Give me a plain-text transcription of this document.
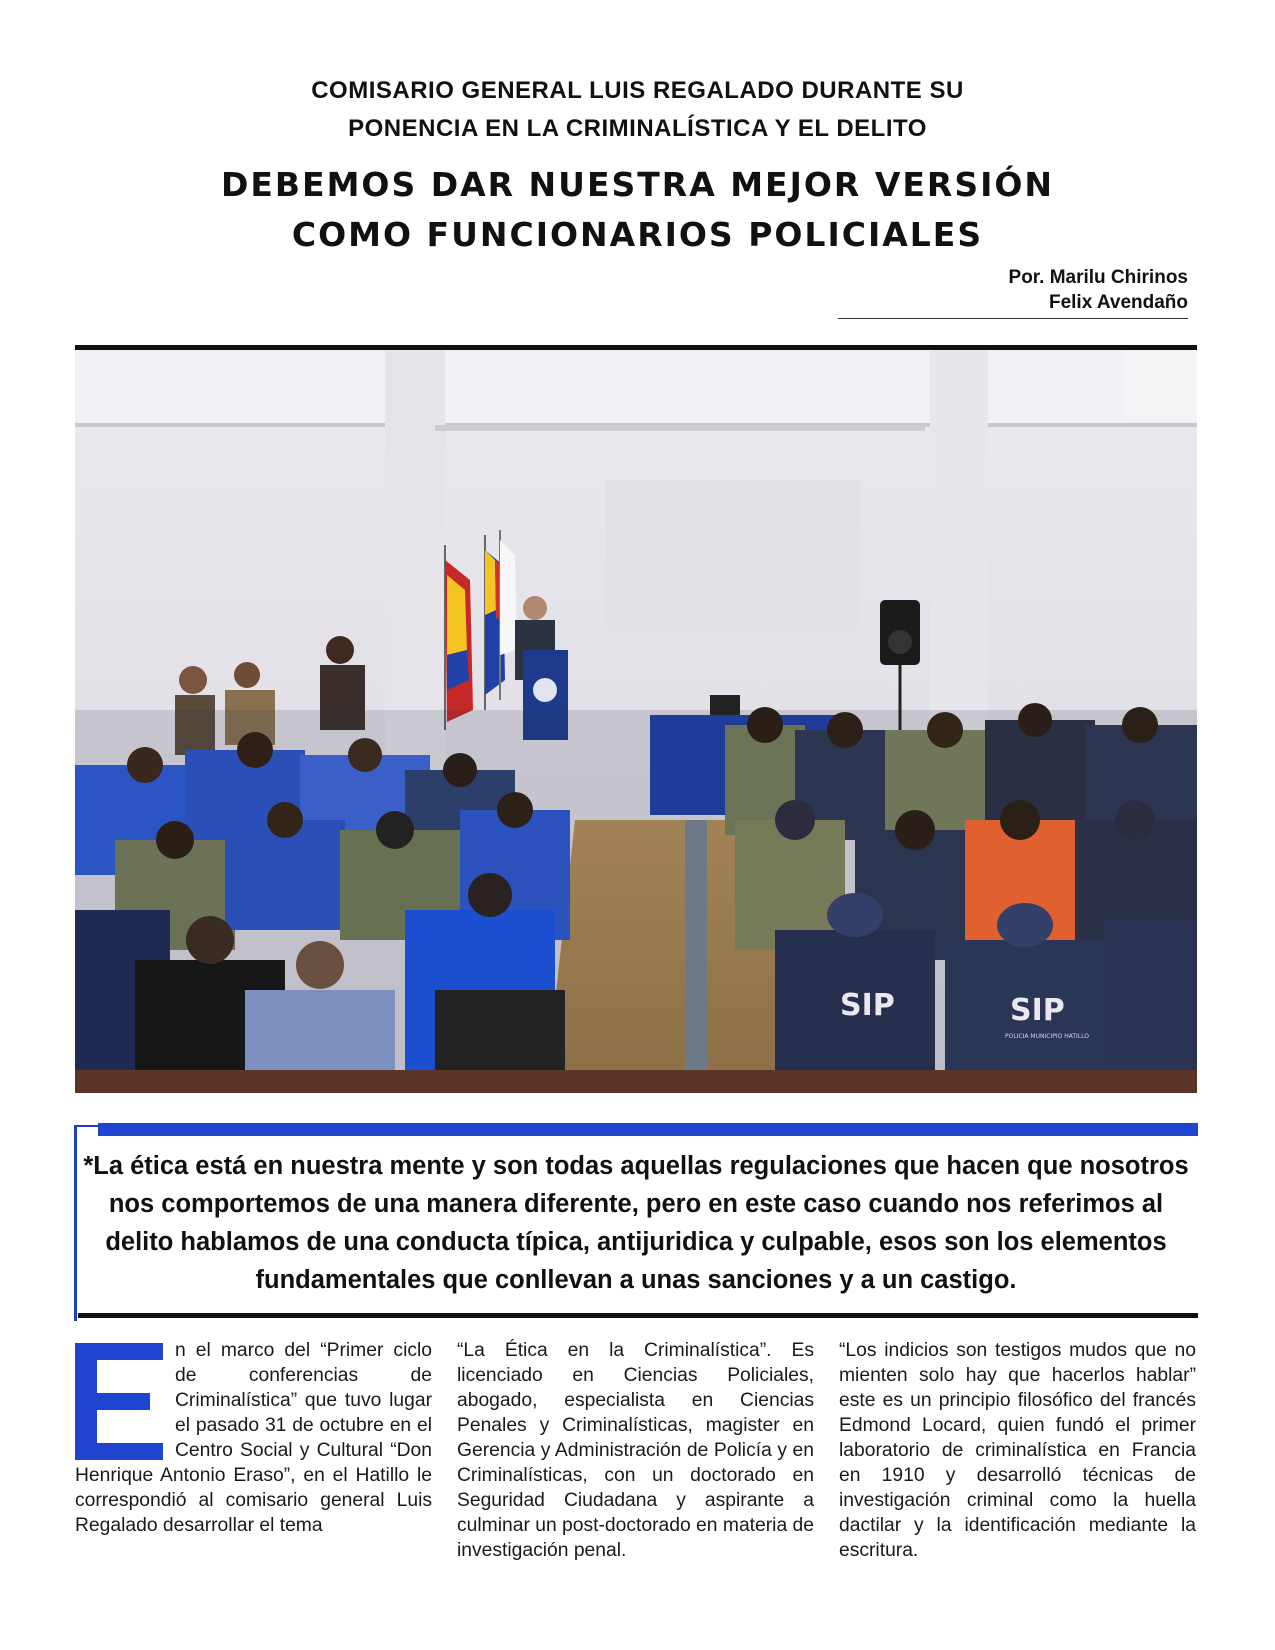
COMISARIO GENERAL LUIS REGALADO DURANTE SU
PONENCIA EN LA CRIMINALÍSTICA Y EL DELITO
DEBEMOS DAR NUESTRA MEJOR VERSIÓN
COMO FUNCIONARIOS POLICIALES
Por. Marilu Chirinos
Felix Avendaño
SIP	SIP
POLICIA MUNICIPIO HATILLO
*La ética está en nuestra mente y son todas aquellas regulaciones que hacen que nosotros nos comportemos de una manera diferente, pero en este caso cuando nos referimos al delito hablamos de una conducta típica, antijuridica y culpable, esos son los elementos fundamentales que conllevan a unas sanciones y a un castigo.
n el marco del “Primer ciclo de conferencias de Criminalística” que tuvo lugar el pasado 31 de octubre en el Centro Social y Cultural “Don Henrique Antonio Eraso”, en el Hatillo le correspondió al comisario general Luis Regalado desarrollar el tema
“La Ética en la Criminalística”. Es licenciado en Ciencias Policiales, abogado, especialista en Ciencias Penales y Criminalísticas, magister en Gerencia y Administración de Policía y en Criminalísticas, con un doctorado en Seguridad Ciudadana y aspirante a culminar un post-doctorado en materia de investigación penal.
“Los indicios son testigos mudos que no mienten solo hay que hacerlos hablar” este es un principio filosófico del francés Edmond Locard, quien fundó el primer laboratorio de criminalística en Francia en 1910 y desarrolló técnicas de investigación criminal como la huella dactilar y la identificación mediante la escritura.
